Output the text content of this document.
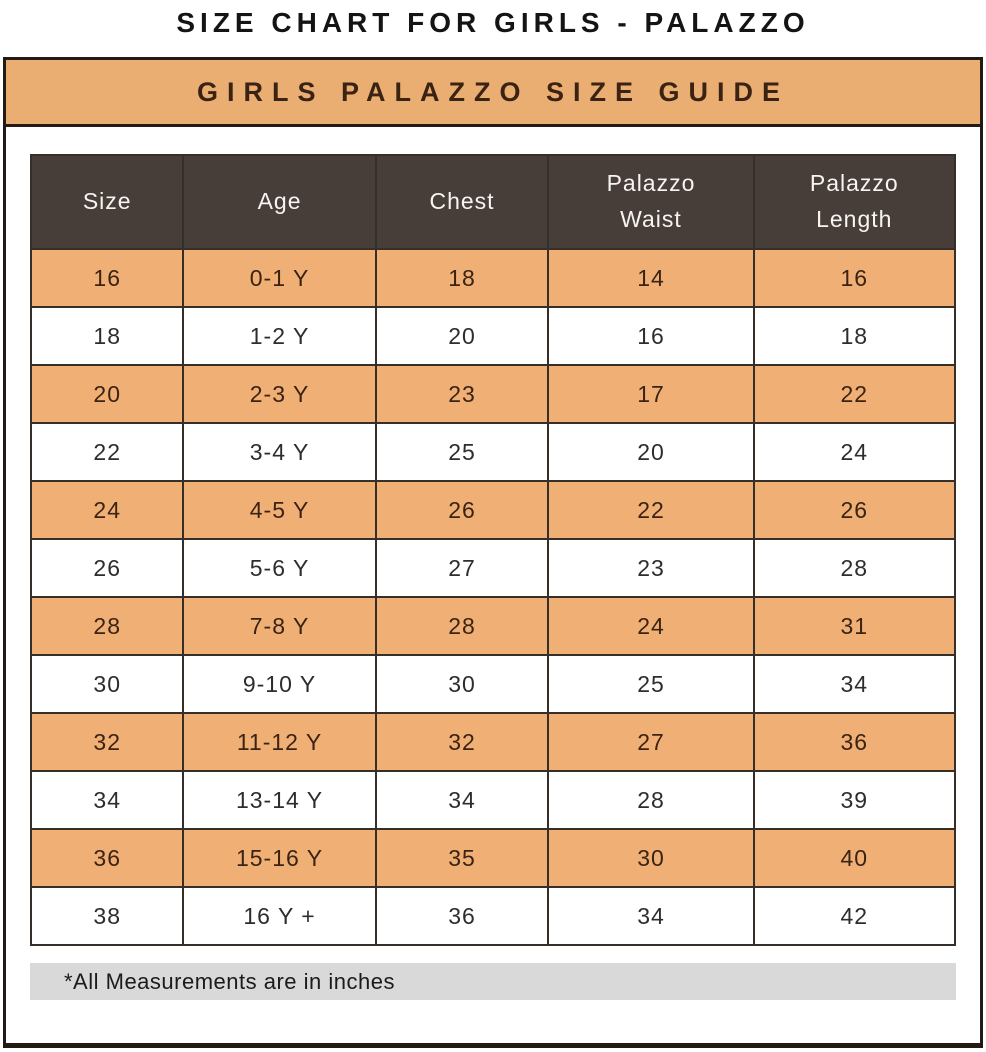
SIZE CHART FOR GIRLS - PALAZZO
GIRLS PALAZZO SIZE GUIDE
Size	Age	Chest	Palazzo Waist	Palazzo Length
16	0-1 Y	18	14	16
18	1-2 Y	20	16	18
20	2-3 Y	23	17	22
22	3-4 Y	25	20	24
24	4-5 Y	26	22	26
26	5-6 Y	27	23	28
28	7-8 Y	28	24	31
30	9-10 Y	30	25	34
32	11-12 Y	32	27	36
34	13-14 Y	34	28	39
36	15-16 Y	35	30	40
38	16 Y +	36	34	42
*All Measurements are in inches
